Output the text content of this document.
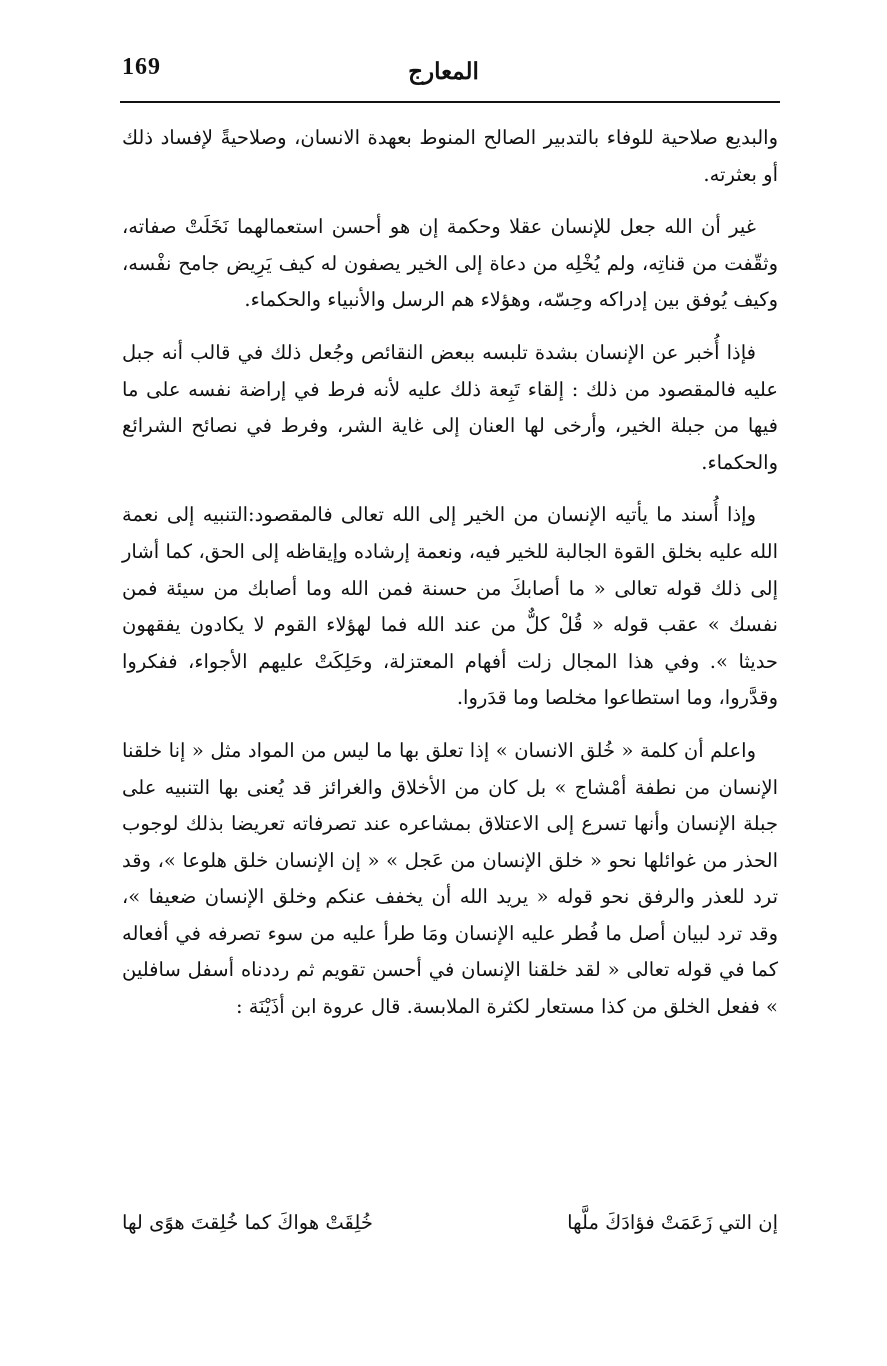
169	المعارج

والبديع صلاحية للوفاء بالتدبير الصالح المنوط بعهدة الانسان، وصلاحيةً لإفساد ذلك أو بعثرته.

غير أن الله جعل للإنسان عقلا وحكمة إن هو أحسن استعمالهما نَخَلَتْ صفاته، وثقّفت من قناتِه، ولم يُخْلِه من دعاة إلى الخير يصفون له كيف يَرِيض جامح نفْسه، وكيف يُوفق بين إدراكه وحِسّه، وهؤلاء هم الرسل والأنبياء والحكماء.

فإذا أُخبر عن الإنسان بشدة تلبسه ببعض النقائص وجُعل ذلك في قالب أنه جبل عليه فالمقصود من ذلك : إلقاء تَبِعة ذلك عليه لأنه فرط في إراضة نفسه على ما فيها من جبلة الخير، وأرخى لها العنان إلى غاية الشر، وفرط في نصائح الشرائع والحكماء.

وإذا أُسند ما يأتيه الإنسان من الخير إلى الله تعالى فالمقصود:التنبيه إلى نعمة الله عليه بخلق القوة الجالبة للخير فيه، ونعمة إرشاده وإيقاظه إلى الحق، كما أشار إلى ذلك قوله تعالى « ما أصابكَ من حسنة فمن الله وما أصابك من سيئة فمن نفسك » عقب قوله « قُلْ كلٌّ من عند الله فما لهؤلاء القوم لا يكادون يفقهون حديثا ». وفي هذا المجال زلت أفهام المعتزلة، وحَلِكَتْ عليهم الأجواء، ففكروا وقدَّروا، وما استطاعوا مخلصا وما قدَروا.

واعلم أن كلمة « خُلق الانسان » إذا تعلق بها ما ليس من المواد مثل « إنا خلقنا الإنسان من نطفة أمْشاج » بل كان من الأخلاق والغرائز قد يُعنى بها التنبيه على جبلة الإنسان وأنها تسرع إلى الاعتلاق بمشاعره عند تصرفاته تعريضا بذلك لوجوب الحذر من غوائلها نحو « خلق الإنسان من عَجل » « إن الإنسان خلق هلوعا »، وقد ترد للعذر والرفق نحو قوله « يريد الله أن يخفف عنكم وخلق الإنسان ضعيفا »، وقد ترد لبيان أصل ما فُطر عليه الإنسان ومَا طرأ عليه من سوء تصرفه في أفعاله كما في قوله تعالى « لقد خلقنا الإنسان في أحسن تقويم ثم رددناه أسفل سافلين » ففعل الخلق من كذا مستعار لكثرة الملابسة. قال عروة ابن أذَيْنَة :

إن التي زَعَمَتْ فؤادَكَ ملَّها
خُلِقَتْ هواكَ كما خُلِقتَ هوًى لها
